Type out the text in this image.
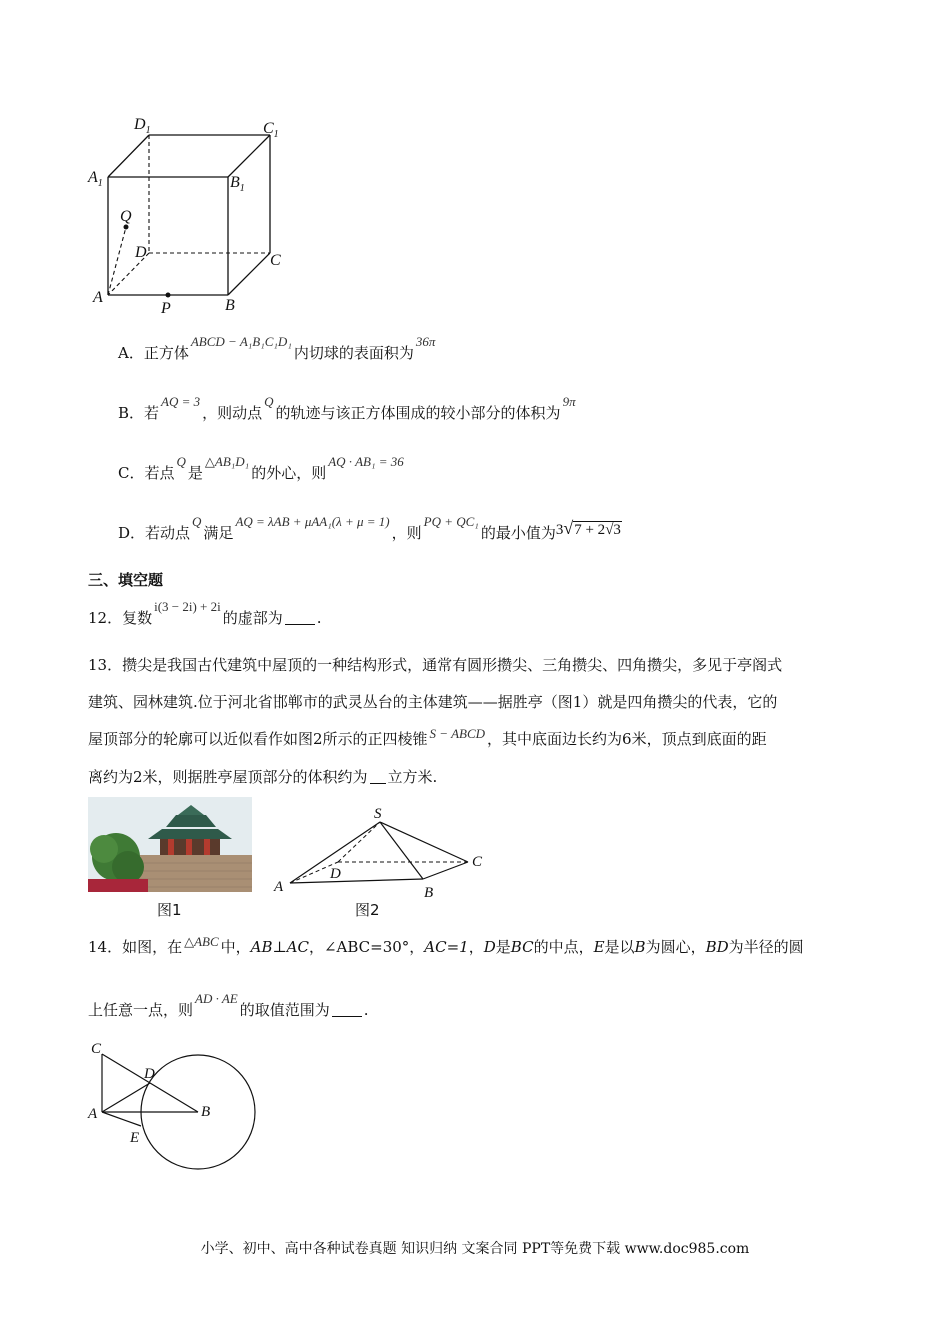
$D_1$	$C_1$
$A_1$	$B_1$
Q
D	C
A
P	B
A．正方体ABCD − A₁B₁C₁D₁内切球的表面积为36π
B．若AQ = 3，则动点Q的轨迹与该正方体围成的较小部分的体积为9π
C．若点Q是△AB₁D₁的外心，则AQ · AB₁ = 36
D．若动点Q满足AQ = λAB + μAA₁(λ + μ = 1)，则PQ + QC₁的最小值为3√7 + 2√3
三、填空题
12．复数i(3 − 2i) + 2i的虚部为 .
13．攒尖是我国古代建筑中屋顶的一种结构形式，通常有圆形攒尖、三角攒尖、四角攒尖，多见于亭阁式
建筑、园林建筑.位于河北省邯郸市的武灵丛台的主体建筑——据胜亭（图1）就是四角攒尖的代表，它的
屋顶部分的轮廓可以近似看作如图2所示的正四棱锥 S − ABCD ，其中底面边长约为6米，顶点到底面的距
离约为2米，则据胜亭屋顶部分的体积约为 立方米.
图1
S
A	B
C
D
图2
14．如图，在 △ABC 中，AB⊥AC，∠ABC=30°，AC=1，D是BC的中点，E是以B为圆心，BD为半径的圆
上任意一点，则AD · AE的取值范围为 .
C
D
A	B
E
小学、初中、高中各种试卷真题 知识归纳 文案合同 PPT等免费下载 www.doc985.com
